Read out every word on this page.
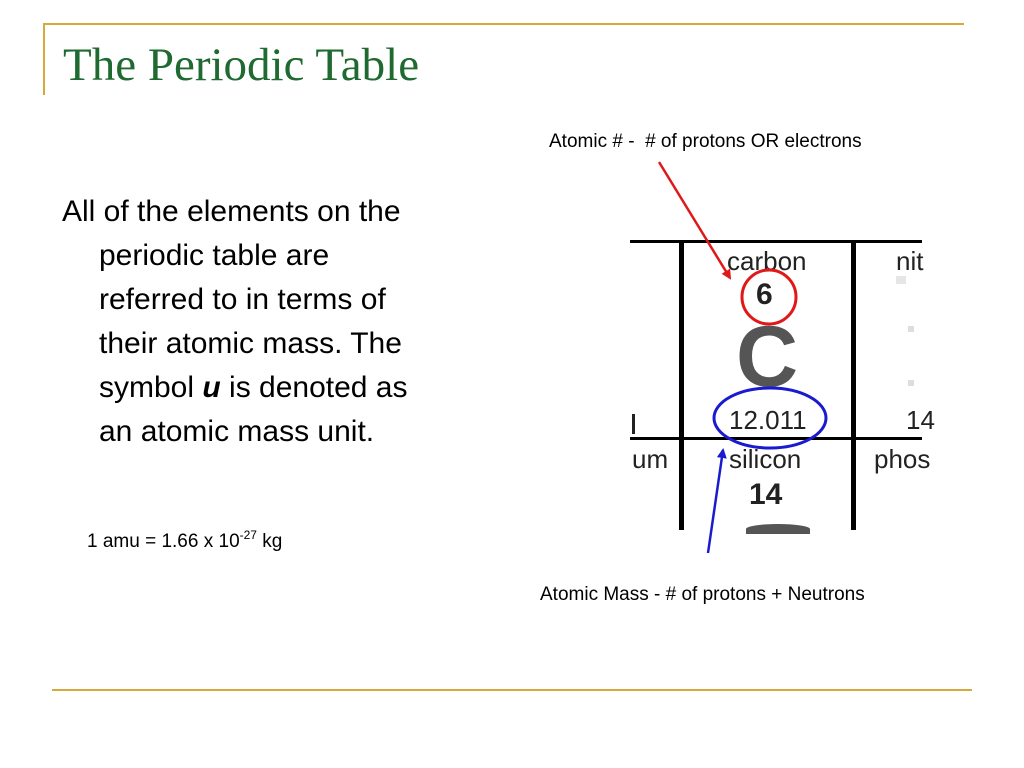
The Periodic Table
All of the elements on the
periodic table are
referred to in terms of
their atomic mass. The
symbol u is denoted as
an atomic mass unit.
1 amu = 1.66 x $10^{-27}$ kg
Atomic # -  # of protons OR electrons
Atomic Mass - # of protons + Neutrons
carbon
6
C
12.011
silicon
14
nit
14
phos
um
